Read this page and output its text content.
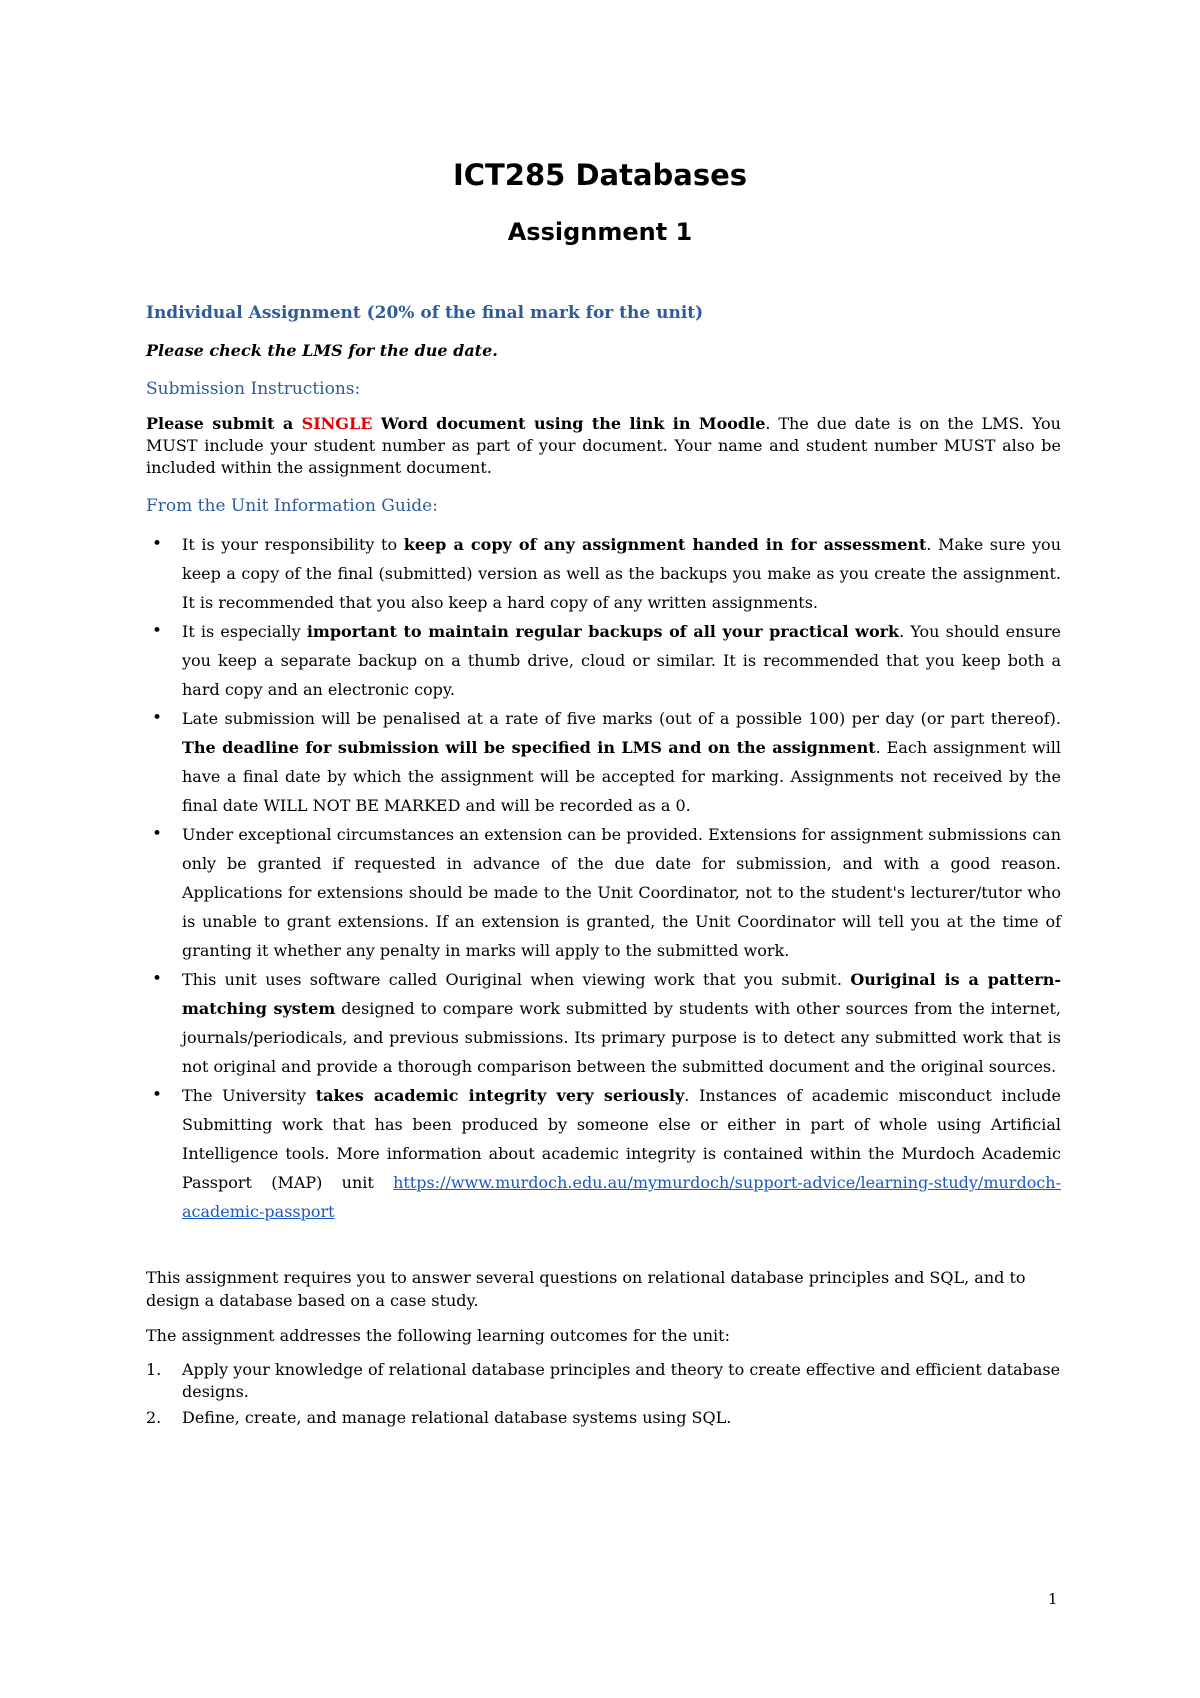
ICT285 Databases
Assignment 1

Individual Assignment (20% of the final mark for the unit)

Please check the LMS for the due date.

Submission Instructions:

Please submit a SINGLE Word document using the link in Moodle. The due date is on the LMS. You MUST include your student number as part of your document. Your name and student number MUST also be included within the assignment document.

From the Unit Information Guide:

• It is your responsibility to keep a copy of any assignment handed in for assessment. Make sure you keep a copy of the final (submitted) version as well as the backups you make as you create the assignment. It is recommended that you also keep a hard copy of any written assignments.
• It is especially important to maintain regular backups of all your practical work. You should ensure you keep a separate backup on a thumb drive, cloud or similar. It is recommended that you keep both a hard copy and an electronic copy.
• Late submission will be penalised at a rate of five marks (out of a possible 100) per day (or part thereof). The deadline for submission will be specified in LMS and on the assignment. Each assignment will have a final date by which the assignment will be accepted for marking. Assignments not received by the final date WILL NOT BE MARKED and will be recorded as a 0.
• Under exceptional circumstances an extension can be provided. Extensions for assignment submissions can only be granted if requested in advance of the due date for submission, and with a good reason. Applications for extensions should be made to the Unit Coordinator, not to the student's lecturer/tutor who is unable to grant extensions. If an extension is granted, the Unit Coordinator will tell you at the time of granting it whether any penalty in marks will apply to the submitted work.
• This unit uses software called Ouriginal when viewing work that you submit. Ouriginal is a pattern-matching system designed to compare work submitted by students with other sources from the internet, journals/periodicals, and previous submissions. Its primary purpose is to detect any submitted work that is not original and provide a thorough comparison between the submitted document and the original sources.
• The University takes academic integrity very seriously. Instances of academic misconduct include Submitting work that has been produced by someone else or either in part of whole using Artificial Intelligence tools. More information about academic integrity is contained within the Murdoch Academic Passport (MAP) unit https://www.murdoch.edu.au/mymurdoch/support-advice/learning-study/murdoch-academic-passport

This assignment requires you to answer several questions on relational database principles and SQL, and to design a database based on a case study.

The assignment addresses the following learning outcomes for the unit:

1. Apply your knowledge of relational database principles and theory to create effective and efficient database designs.
2. Define, create, and manage relational database systems using SQL.
1
